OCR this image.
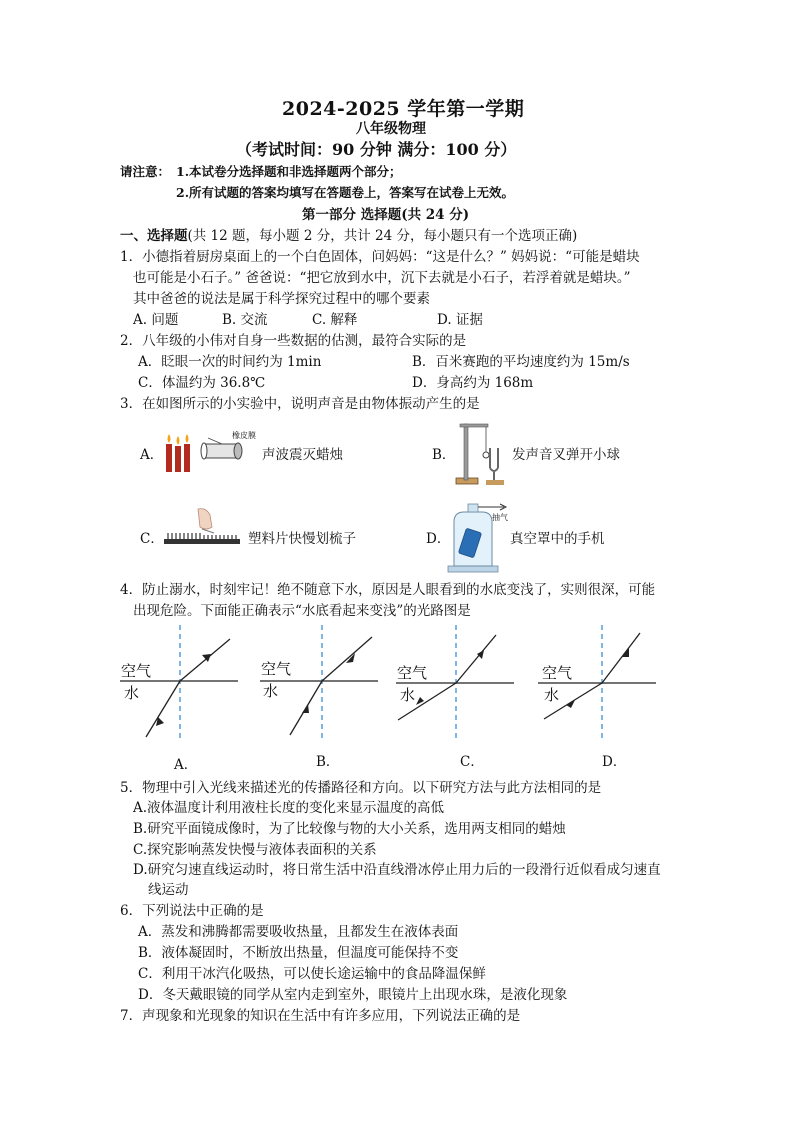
2024-2025 学年第一学期
八年级物理
（考试时间：90 分钟 满分：100 分）
请注意： 1.本试卷分选择题和非选择题两个部分；
2.所有试题的答案均填写在答题卷上，答案写在试卷上无效。
第一部分 选择题(共 24 分)
一、选择题(共 12 题，每小题 2 分，共计 24 分，每小题只有一个选项正确)
1．小德指着厨房桌面上的一个白色固体，问妈妈：“这是什么？” 妈妈说：“可能是蜡块
也可能是小石子。” 爸爸说：“把它放到水中，沉下去就是小石子，若浮着就是蜡块。”
其中爸爸的说法是属于科学探究过程中的哪个要素
A. 问题	B. 交流	C. 解释	D. 证据
2．八年级的小伟对自身一些数据的估测，最符合实际的是
A．眨眼一次的时间约为 1min	B．百米赛跑的平均速度约为 15m/s
C．体温约为 36.8℃	D．身高约为 168m
3．在如图所示的小实验中，说明声音是由物体振动产生的是
A．
橡皮膜
声波震灭蜡烛	B．	发声音叉弹开小球
C．	塑料片快慢划梳子	D．
抽气
真空罩中的手机
4．防止溺水，时刻牢记！绝不随意下水，原因是人眼看到的水底变浅了，实则很深，可能
出现危险。下面能正确表示“水底看起来变浅”的光路图是
空气
水
A．
空气
水
B．
空气
水
C．
空气
水
D．
5．物理中引入光线来描述光的传播路径和方向。以下研究方法与此方法相同的是
A.液体温度计利用液柱长度的变化来显示温度的高低
B.研究平面镜成像时，为了比较像与物的大小关系，选用两支相同的蜡烛
C.探究影响蒸发快慢与液体表面积的关系
D.研究匀速直线运动时，将日常生活中沿直线滑冰停止用力后的一段滑行近似看成匀速直
线运动
6．下列说法中正确的是
A．蒸发和沸腾都需要吸收热量，且都发生在液体表面
B．液体凝固时，不断放出热量，但温度可能保持不变
C．利用干冰汽化吸热，可以使长途运输中的食品降温保鲜
D．冬天戴眼镜的同学从室内走到室外，眼镜片上出现水珠，是液化现象
7．声现象和光现象的知识在生活中有许多应用，下列说法正确的是
